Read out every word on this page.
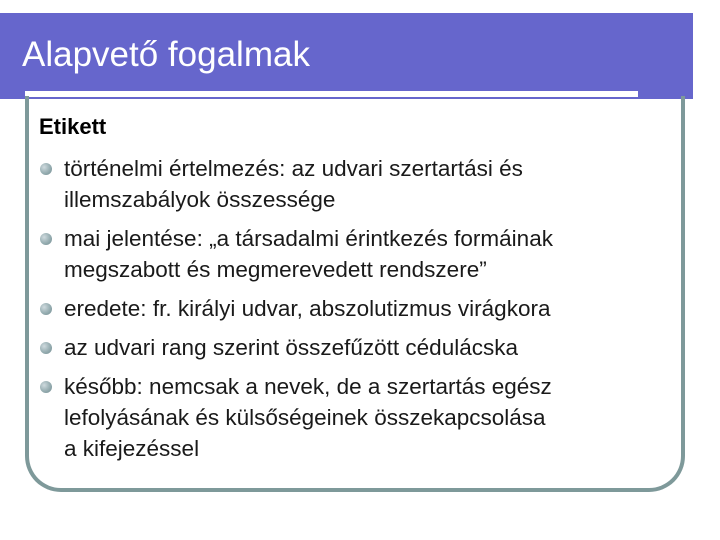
Alapvető fogalmak
Etikett
történelmi értelmezés: az udvari szertartási és
illemszabályok összessége
mai jelentése: „a társadalmi érintkezés formáinak
megszabott és megmerevedett rendszere”
eredete: fr. királyi udvar, abszolutizmus virágkora
az udvari rang szerint összefűzött cédulácska
később: nemcsak a nevek, de a szertartás egész
lefolyásának és külsőségeinek összekapcsolása
a kifejezéssel
